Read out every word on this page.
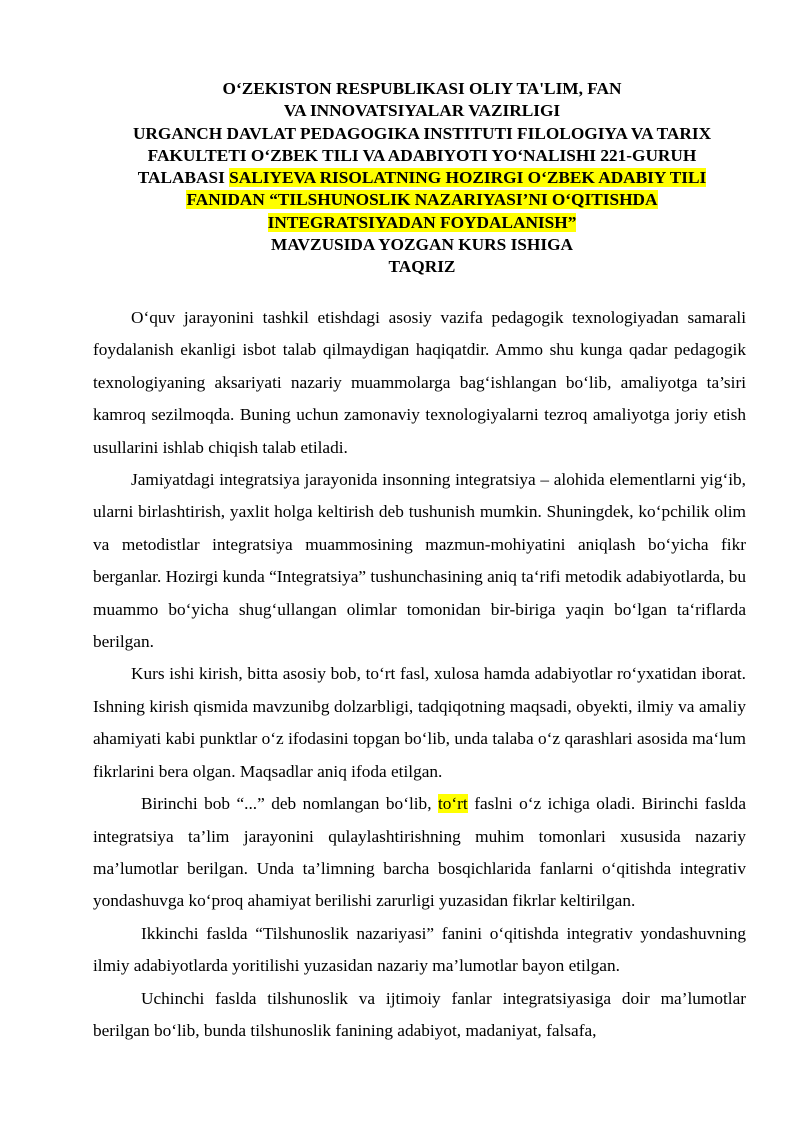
O‘ZEKISTON RESPUBLIKASI OLIY TA'LIM, FAN
VA INNOVATSIYALAR VAZIRLIGI
URGANCH DAVLAT PEDAGOGIKA INSTITUTI FILOLOGIYA VA TARIX
FAKULTETI O‘ZBEK TILI VA ADABIYOTI YO‘NALISHI 221-GURUH
TALABASI SALIYEVA RISOLATNING HOZIRGI O‘ZBEK ADABIY TILI
FANIDAN “TILSHUNOSLIK NAZARIYASI’NI O‘QITISHDA
INTEGRATSIYADAN FOYDALANISH”
MAVZUSIDA YOZGAN KURS ISHIGA
TAQRIZ

O‘quv jarayonini tashkil etishdagi asosiy vazifa pedagogik texnologiyadan samarali foydalanish ekanligi isbot talab qilmaydigan haqiqatdir. Ammo shu kunga qadar pedagogik texnologiyaning aksariyati nazariy muammolarga bag‘ishlangan bo‘lib, amaliyotga ta’siri kamroq sezilmoqda. Buning uchun zamonaviy texnologiyalarni tezroq amaliyotga joriy etish usullarini ishlab chiqish talab etiladi.

Jamiyatdagi integratsiya jarayonida insonning integratsiya – alohida elementlarni yig‘ib, ularni birlashtirish, yaxlit holga keltirish deb tushunish mumkin. Shuningdek, ko‘pchilik olim va metodistlar integratsiya muammosining mazmun-mohiyatini aniqlash bo‘yicha fikr berganlar. Hozirgi kunda “Integratsiya” tushunchasining aniq ta‘rifi metodik adabiyotlarda, bu muammo bo‘yicha shug‘ullangan olimlar tomonidan bir-biriga yaqin bo‘lgan ta‘riflarda berilgan.

Kurs ishi kirish, bitta asosiy bob, to‘rt fasl, xulosa hamda adabiyotlar ro‘yxatidan iborat. Ishning kirish qismida mavzunibg dolzarbligi, tadqiqotning maqsadi, obyekti, ilmiy va amaliy ahamiyati kabi punktlar o‘z ifodasini topgan bo‘lib, unda talaba o‘z qarashlari asosida ma‘lum fikrlarini bera olgan. Maqsadlar aniq ifoda etilgan.

Birinchi bob “...” deb nomlangan bo‘lib, to‘rt faslni o‘z ichiga oladi. Birinchi faslda integratsiya ta’lim jarayonini qulaylashtirishning muhim tomonlari xususida nazariy ma’lumotlar berilgan. Unda ta’limning barcha bosqichlarida fanlarni o‘qitishda integrativ yondashuvga ko‘proq ahamiyat berilishi zarurligi yuzasidan fikrlar keltirilgan.

Ikkinchi faslda “Tilshunoslik nazariyasi” fanini o‘qitishda integrativ yondashuvning ilmiy adabiyotlarda yoritilishi yuzasidan nazariy ma’lumotlar bayon etilgan.

Uchinchi faslda tilshunoslik va ijtimoiy fanlar integratsiyasiga doir ma’lumotlar berilgan bo‘lib, bunda tilshunoslik fanining adabiyot, madaniyat, falsafa,
